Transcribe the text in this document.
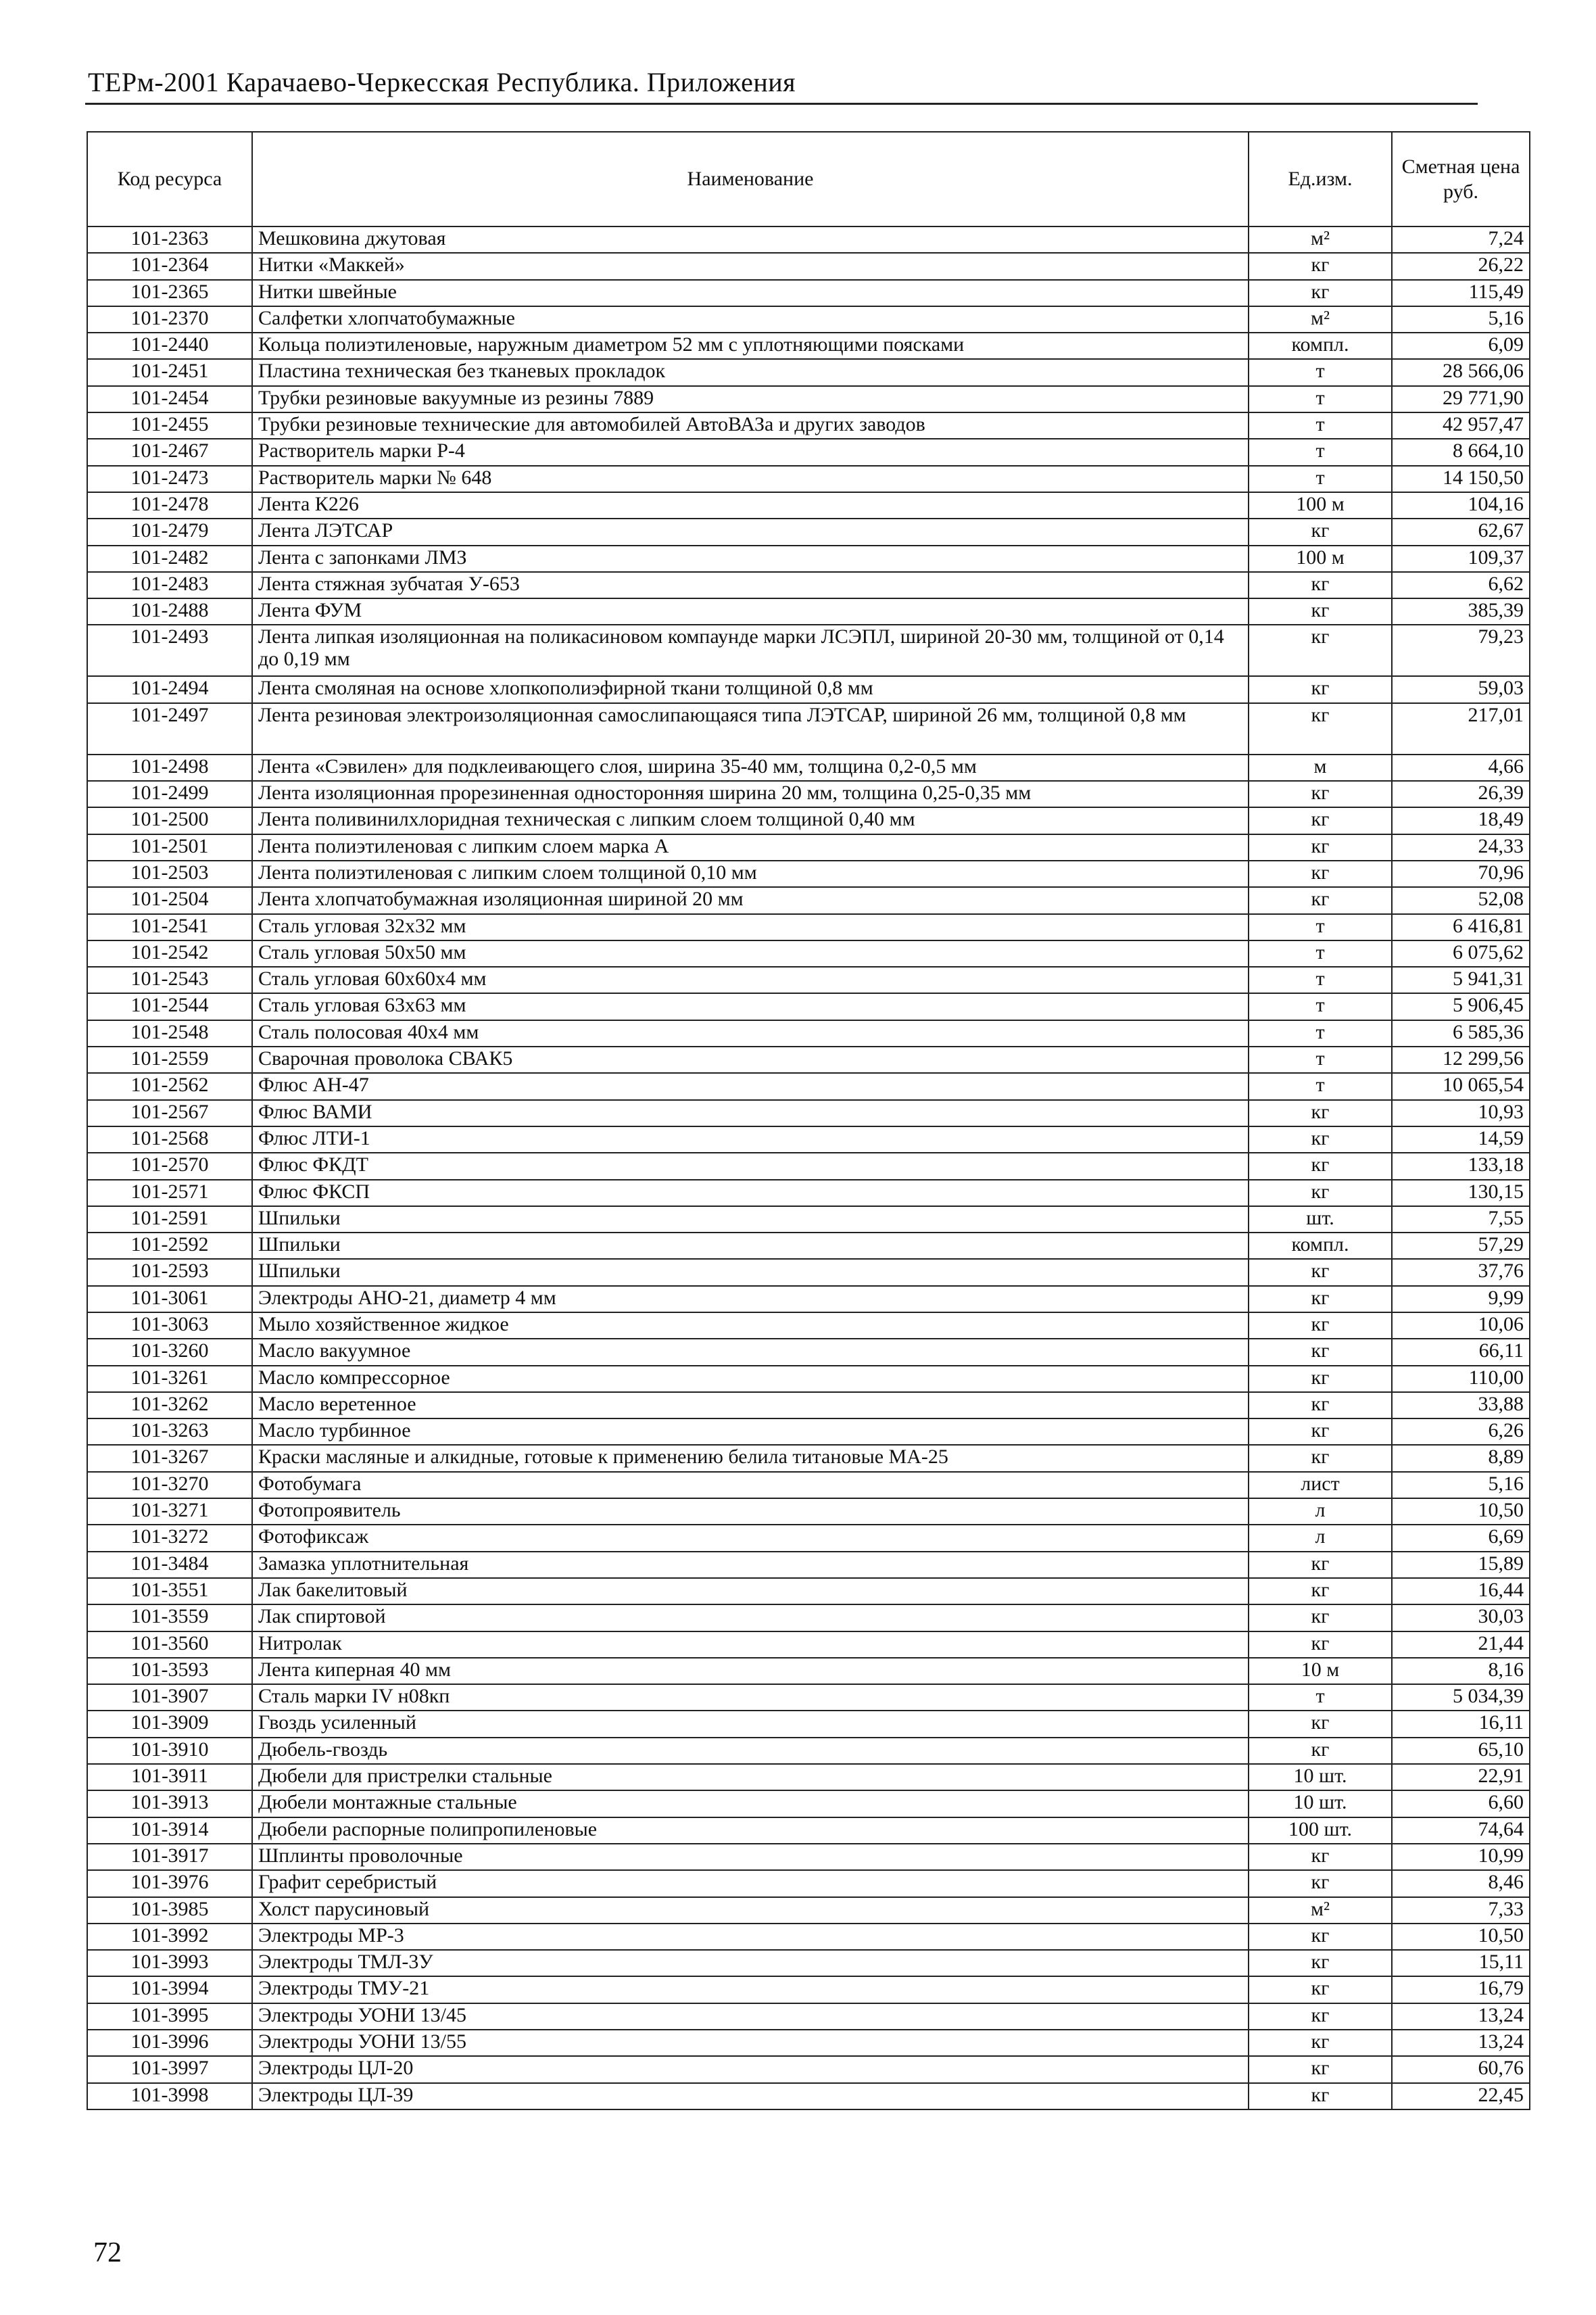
ТЕРм-2001 Карачаево-Черкесская Республика. Приложения
Код ресурса	Наименование	Ед.изм.	Сметная цена руб.
101-2363	Мешковина джутовая	м²	7,24
101-2364	Нитки «Маккей»	кг	26,22
101-2365	Нитки швейные	кг	115,49
101-2370	Салфетки хлопчатобумажные	м²	5,16
101-2440	Кольца полиэтиленовые, наружным диаметром 52 мм с уплотняющими поясками	компл.	6,09
101-2451	Пластина техническая без тканевых прокладок	т	28 566,06
101-2454	Трубки резиновые вакуумные из резины 7889	т	29 771,90
101-2455	Трубки резиновые технические для автомобилей АвтоВАЗа и других заводов	т	42 957,47
101-2467	Растворитель марки Р-4	т	8 664,10
101-2473	Растворитель марки № 648	т	14 150,50
101-2478	Лента К226	100 м	104,16
101-2479	Лента ЛЭТСАР	кг	62,67
101-2482	Лента с запонками ЛМЗ	100 м	109,37
101-2483	Лента стяжная зубчатая У-653	кг	6,62
101-2488	Лента ФУМ	кг	385,39
101-2493	Лента липкая изоляционная на поликасиновом компаунде марки ЛСЭПЛ, шириной 20-30 мм, толщиной от 0,14 до 0,19 мм	кг	79,23
101-2494	Лента смоляная на основе хлопкополиэфирной ткани толщиной 0,8 мм	кг	59,03
101-2497	Лента резиновая электроизоляционная самослипающаяся типа ЛЭТСАР, шириной 26 мм, толщиной 0,8 мм	кг	217,01
101-2498	Лента «Сэвилен» для подклеивающего слоя, ширина 35-40 мм, толщина 0,2-0,5 мм	м	4,66
101-2499	Лента изоляционная прорезиненная односторонняя ширина 20 мм, толщина 0,25-0,35 мм	кг	26,39
101-2500	Лента поливинилхлоридная техническая с липким слоем толщиной 0,40 мм	кг	18,49
101-2501	Лента полиэтиленовая с липким слоем марка А	кг	24,33
101-2503	Лента полиэтиленовая с липким слоем толщиной 0,10 мм	кг	70,96
101-2504	Лента хлопчатобумажная изоляционная шириной 20 мм	кг	52,08
101-2541	Сталь угловая 32х32 мм	т	6 416,81
101-2542	Сталь угловая 50х50 мм	т	6 075,62
101-2543	Сталь угловая 60х60х4 мм	т	5 941,31
101-2544	Сталь угловая 63х63 мм	т	5 906,45
101-2548	Сталь полосовая 40х4 мм	т	6 585,36
101-2559	Сварочная проволока СВАК5	т	12 299,56
101-2562	Флюс АН-47	т	10 065,54
101-2567	Флюс ВАМИ	кг	10,93
101-2568	Флюс ЛТИ-1	кг	14,59
101-2570	Флюс ФКДТ	кг	133,18
101-2571	Флюс ФКСП	кг	130,15
101-2591	Шпильки	шт.	7,55
101-2592	Шпильки	компл.	57,29
101-2593	Шпильки	кг	37,76
101-3061	Электроды АНО-21, диаметр 4 мм	кг	9,99
101-3063	Мыло хозяйственное жидкое	кг	10,06
101-3260	Масло вакуумное	кг	66,11
101-3261	Масло компрессорное	кг	110,00
101-3262	Масло веретенное	кг	33,88
101-3263	Масло турбинное	кг	6,26
101-3267	Краски масляные и алкидные, готовые к применению белила титановые МА-25	кг	8,89
101-3270	Фотобумага	лист	5,16
101-3271	Фотопроявитель	л	10,50
101-3272	Фотофиксаж	л	6,69
101-3484	Замазка уплотнительная	кг	15,89
101-3551	Лак бакелитовый	кг	16,44
101-3559	Лак спиртовой	кг	30,03
101-3560	Нитролак	кг	21,44
101-3593	Лента киперная 40 мм	10 м	8,16
101-3907	Сталь марки IV н08кп	т	5 034,39
101-3909	Гвоздь усиленный	кг	16,11
101-3910	Дюбель-гвоздь	кг	65,10
101-3911	Дюбели для пристрелки стальные	10 шт.	22,91
101-3913	Дюбели монтажные стальные	10 шт.	6,60
101-3914	Дюбели распорные полипропиленовые	100 шт.	74,64
101-3917	Шплинты проволочные	кг	10,99
101-3976	Графит серебристый	кг	8,46
101-3985	Холст парусиновый	м²	7,33
101-3992	Электроды МР-3	кг	10,50
101-3993	Электроды ТМЛ-3У	кг	15,11
101-3994	Электроды ТМУ-21	кг	16,79
101-3995	Электроды УОНИ 13/45	кг	13,24
101-3996	Электроды УОНИ 13/55	кг	13,24
101-3997	Электроды ЦЛ-20	кг	60,76
101-3998	Электроды ЦЛ-39	кг	22,45
72
